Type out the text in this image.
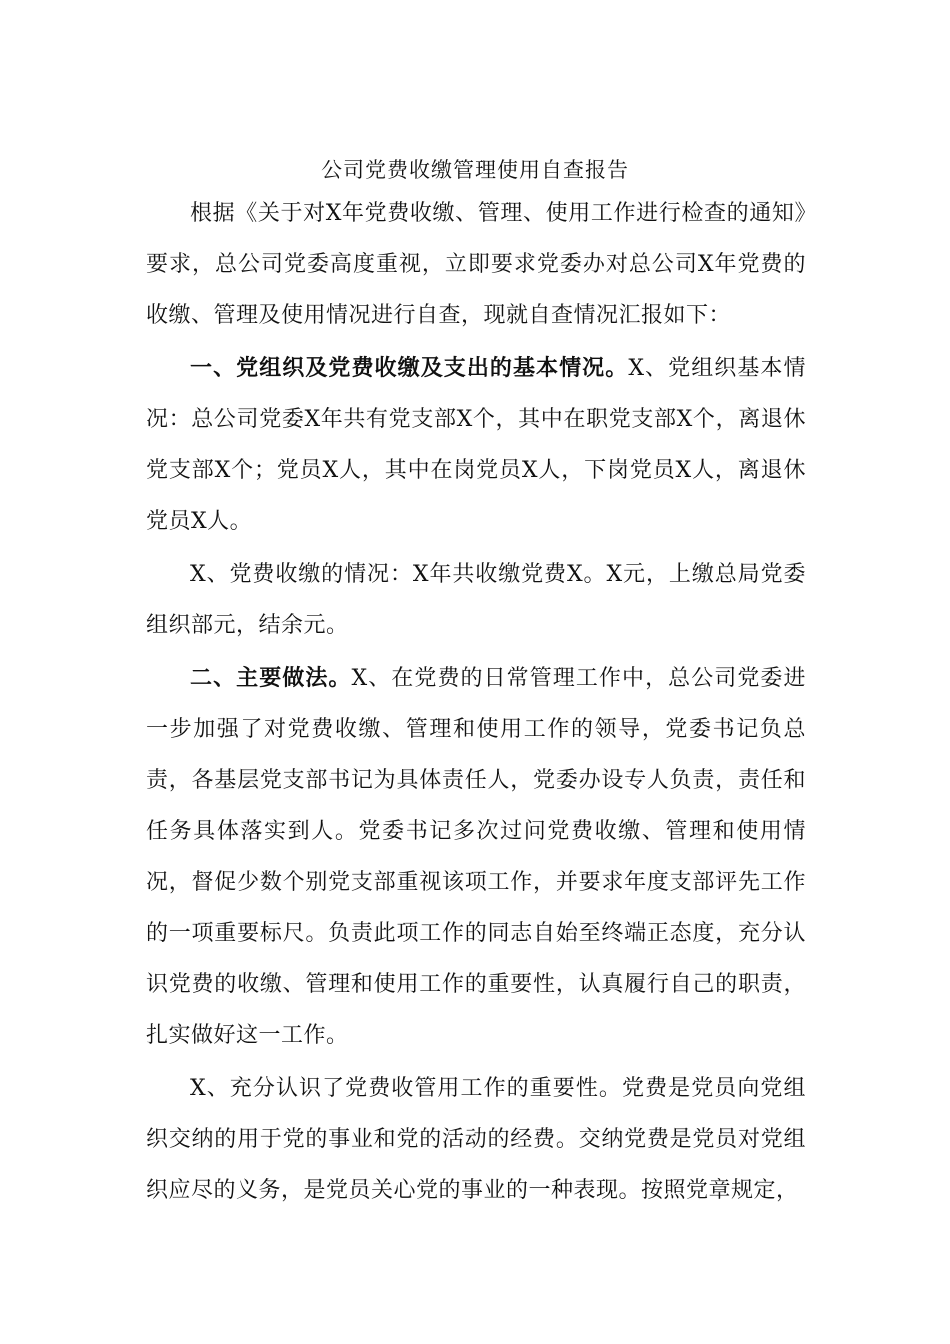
公司党费收缴管理使用自查报告

根据《关于对X年党费收缴、管理、使用工作进行检查的通知》要求，总公司党委高度重视，立即要求党委办对总公司X年党费的收缴、管理及使用情况进行自查，现就自查情况汇报如下：

一、党组织及党费收缴及支出的基本情况。X、党组织基本情况：总公司党委X年共有党支部X个，其中在职党支部X个，离退休党支部X个；党员X人，其中在岗党员X人，下岗党员X人，离退休党员X人。

X、党费收缴的情况：X年共收缴党费X。X元，上缴总局党委组织部元，结余元。

二、主要做法。X、在党费的日常管理工作中，总公司党委进一步加强了对党费收缴、管理和使用工作的领导，党委书记负总责，各基层党支部书记为具体责任人，党委办设专人负责，责任和任务具体落实到人。党委书记多次过问党费收缴、管理和使用情况，督促少数个别党支部重视该项工作，并要求年度支部评先工作的一项重要标尺。负责此项工作的同志自始至终端正态度，充分认识党费的收缴、管理和使用工作的重要性，认真履行自己的职责，扎实做好这一工作。

X、充分认识了党费收管用工作的重要性。党费是党员向党组织交纳的用于党的事业和党的活动的经费。交纳党费是党员对党组织应尽的义务，是党员关心党的事业的一种表现。按照党章规定，
